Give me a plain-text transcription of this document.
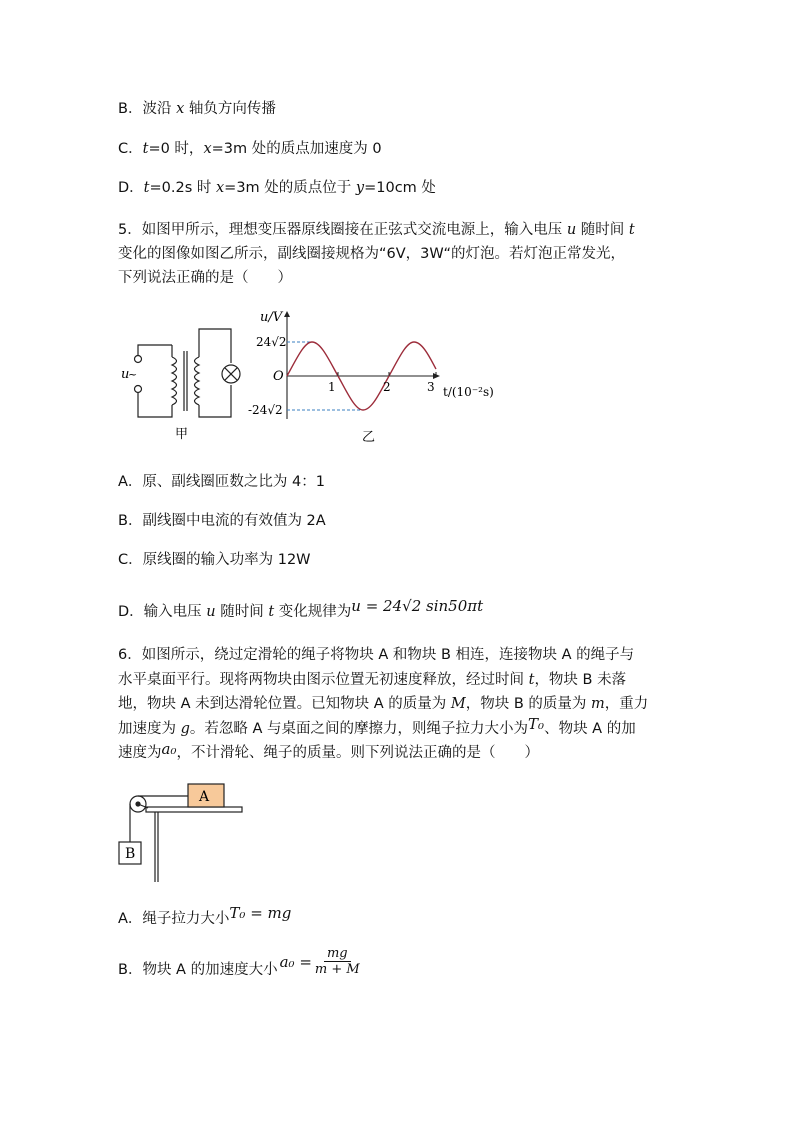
B．波沿 x 轴负方向传播
C．t=0 时，x=3m 处的质点加速度为 0
D．t=0.2s 时 x=3m 处的质点位于 y=10cm 处
5．如图甲所示，理想变压器原线圈接在正弦式交流电源上，输入电压 u 随时间 t
变化的图像如图乙所示，副线圈接规格为“6V，3W“的灯泡。若灯泡正常发光，
下列说法正确的是（　　）
u
~
甲
u/V
24√2
-24√2
O
1	2	3 t/(10⁻²s)
乙
A．原、副线圈匝数之比为 4：1
B．副线圈中电流的有效值为 2A
C．原线圈的输入功率为 12W
D．输入电压 u 随时间 t 变化规律为u = 24√2 sin50πt
6．如图所示，绕过定滑轮的绳子将物块 A 和物块 B 相连，连接物块 A 的绳子与
水平桌面平行。现将两物块由图示位置无初速度释放，经过时间 t，物块 B 未落
地，物块 A 未到达滑轮位置。已知物块 A 的质量为 M，物块 B 的质量为 m，重力
加速度为 g。若忽略 A 与桌面之间的摩擦力，则绳子拉力大小为T₀、物块 A 的加
速度为a₀，不计滑轮、绳子的质量。则下列说法正确的是（　　）
A
B
A．绳子拉力大小T₀ = mg
B．物块 A 的加速度大小 $a_0 = \frac{mg}{m + M}$
